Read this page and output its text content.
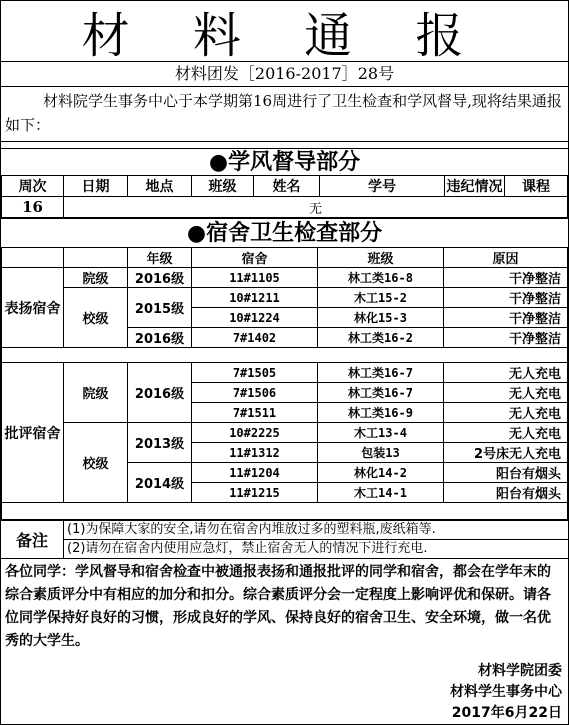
材 料 通 报
材料团发［2016-2017］28号
材料院学生事务中心于本学期第16周进行了卫生检查和学风督导,现将结果通报如下：
●学风督导部分
周次	日期	地点	班级	姓名	学号	违纪情况	课程
16	无						
●宿舍卫生检查部分
		年级	宿舍	班级	原因
表扬宿舍	院级	2016级	11#1105	林工类16-8	干净整洁
	校级	2015级	10#1211	木工15-2	干净整洁
			10#1224	林化15-3	干净整洁
		2016级	7#1402	林工类16-2	干净整洁

批评宿舍	院级	2016级	7#1505	林工类16-7	无人充电
			7#1506	林工类16-7	无人充电
			7#1511	林工类16-9	无人充电
	校级	2013级	10#2225	木工13-4	无人充电
			11#1312	包装13	2号床无人充电
		2014级	11#1204	林化14-2	阳台有烟头
			11#1215	木工14-1	阳台有烟头

备注
(1)为保障大家的安全,请勿在宿舍内堆放过多的塑料瓶,废纸箱等.
(2)请勿在宿舍内使用应急灯，禁止宿舍无人的情况下进行充电.
各位同学：学风督导和宿舍检查中被通报表扬和通报批评的同学和宿舍，都会在学年末的综合素质评分中有相应的加分和扣分。综合素质评分会一定程度上影响评优和保研。请各位同学保持好良好的习惯，形成良好的学风、保持良好的宿舍卫生、安全环境，做一名优秀的大学生。
材料学院团委
材料学生事务中心
2017年6月22日
